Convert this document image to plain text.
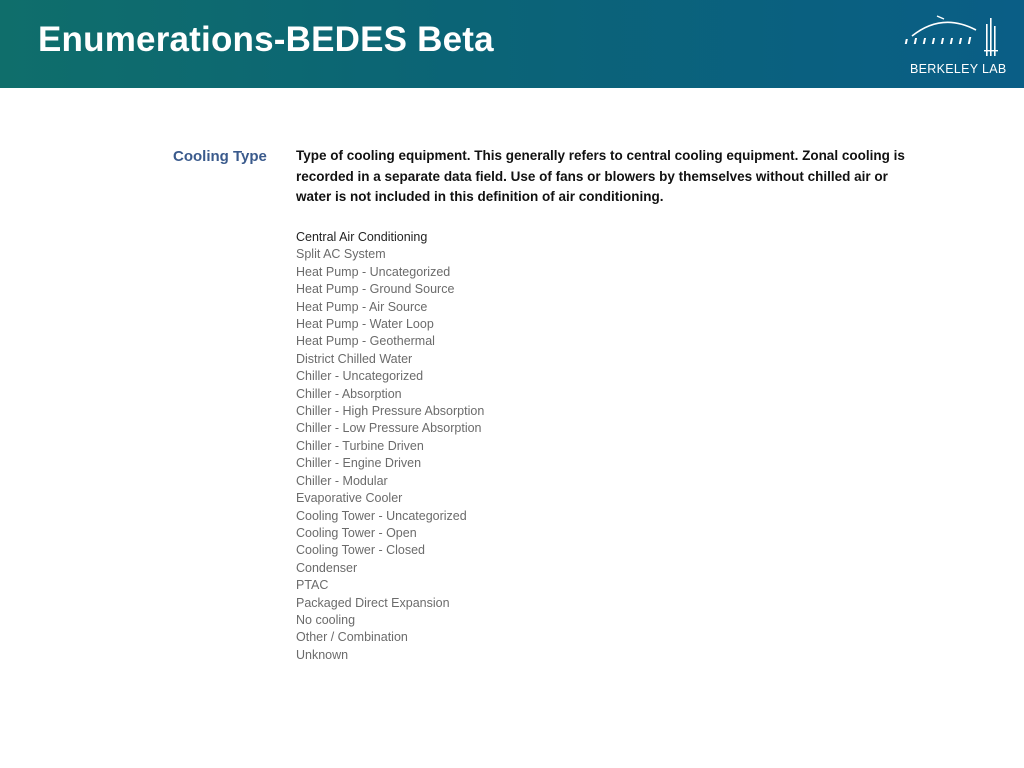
Enumerations-BEDES Beta
BERKELEY LAB
Cooling Type Type of cooling equipment. This generally refers to central cooling equipment. Zonal cooling is recorded in a separate data field. Use of fans or blowers by themselves without chilled air or water is not included in this definition of air conditioning.
Central Air Conditioning
Split AC System
Heat Pump - Uncategorized
Heat Pump - Ground Source
Heat Pump - Air Source
Heat Pump - Water Loop
Heat Pump - Geothermal
District Chilled Water
Chiller - Uncategorized
Chiller - Absorption
Chiller - High Pressure Absorption
Chiller - Low Pressure Absorption
Chiller - Turbine Driven
Chiller - Engine Driven
Chiller - Modular
Evaporative Cooler
Cooling Tower - Uncategorized
Cooling Tower - Open
Cooling Tower - Closed
Condenser
PTAC
Packaged Direct Expansion
No cooling
Other / Combination
Unknown
